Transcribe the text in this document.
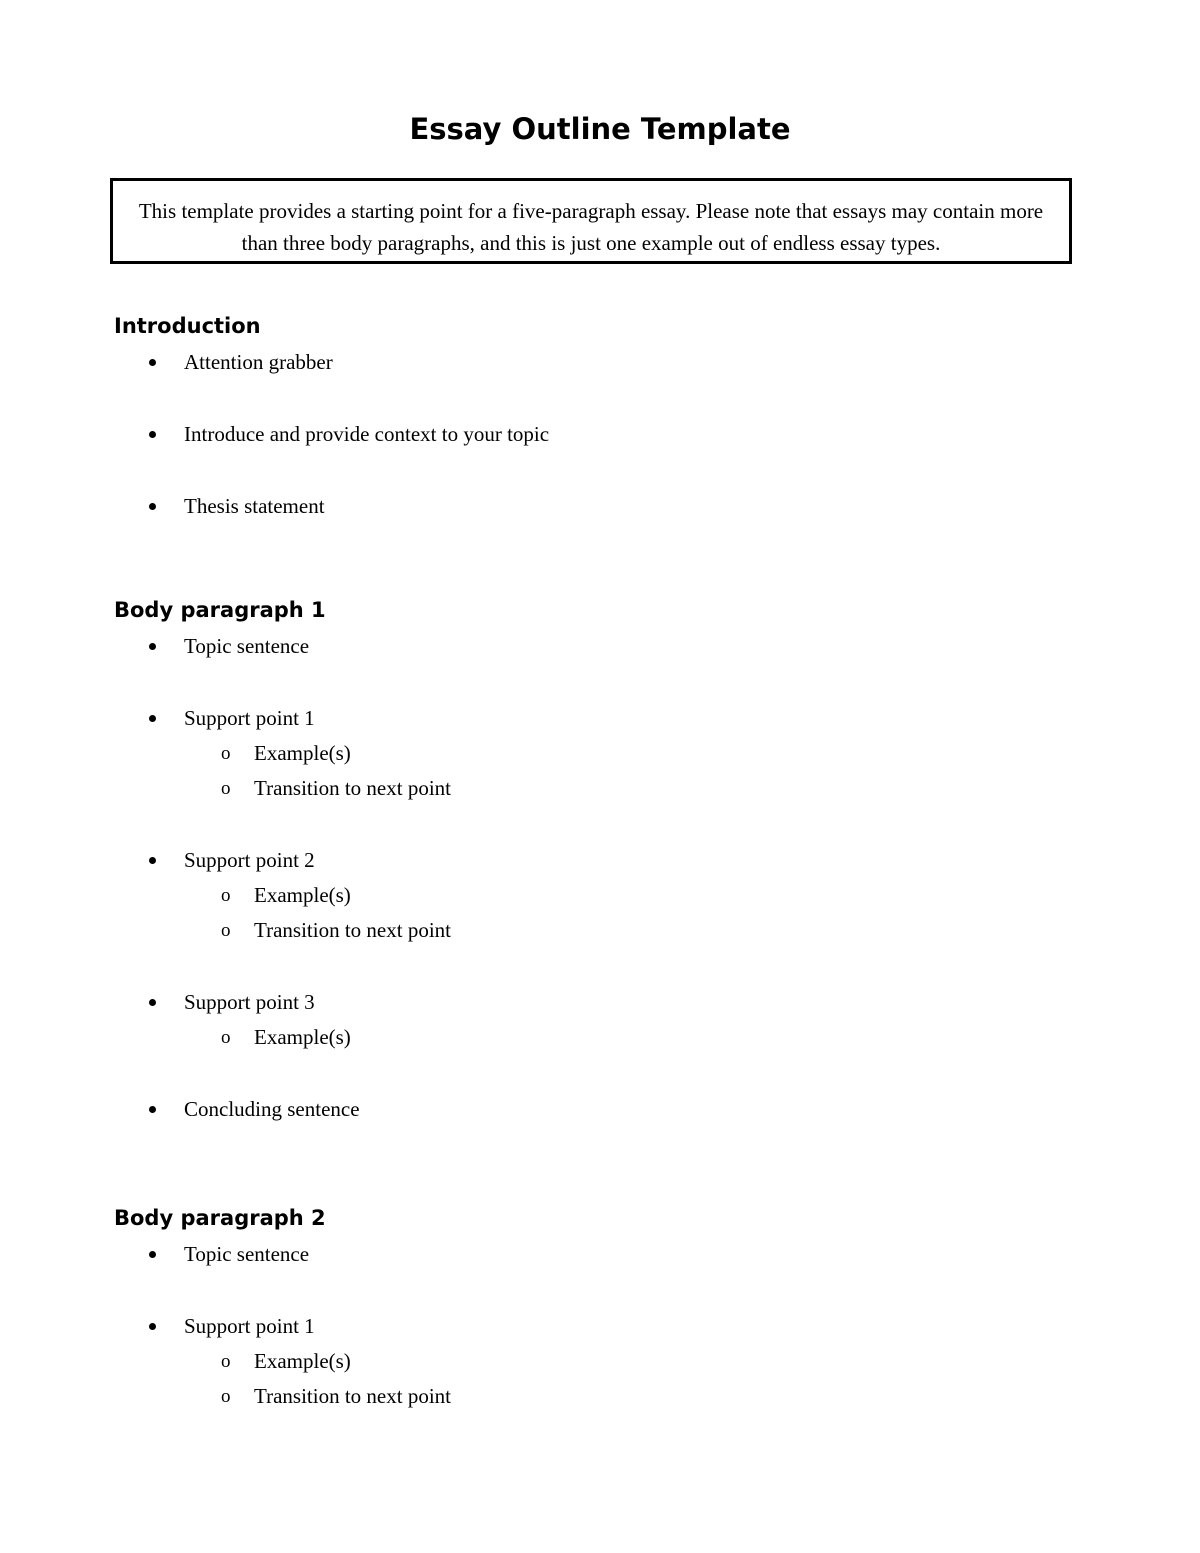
Essay Outline Template
This template provides a starting point for a five-paragraph essay. Please note that essays may contain more than three body paragraphs, and this is just one example out of endless essay types.
Introduction
Attention grabber
Introduce and provide context to your topic
Thesis statement
Body paragraph 1
Topic sentence
Support point 1
o Example(s)
o Transition to next point
Support point 2
o Example(s)
o Transition to next point
Support point 3
o Example(s)
Concluding sentence
Body paragraph 2
Topic sentence
Support point 1
o Example(s)
o Transition to next point
